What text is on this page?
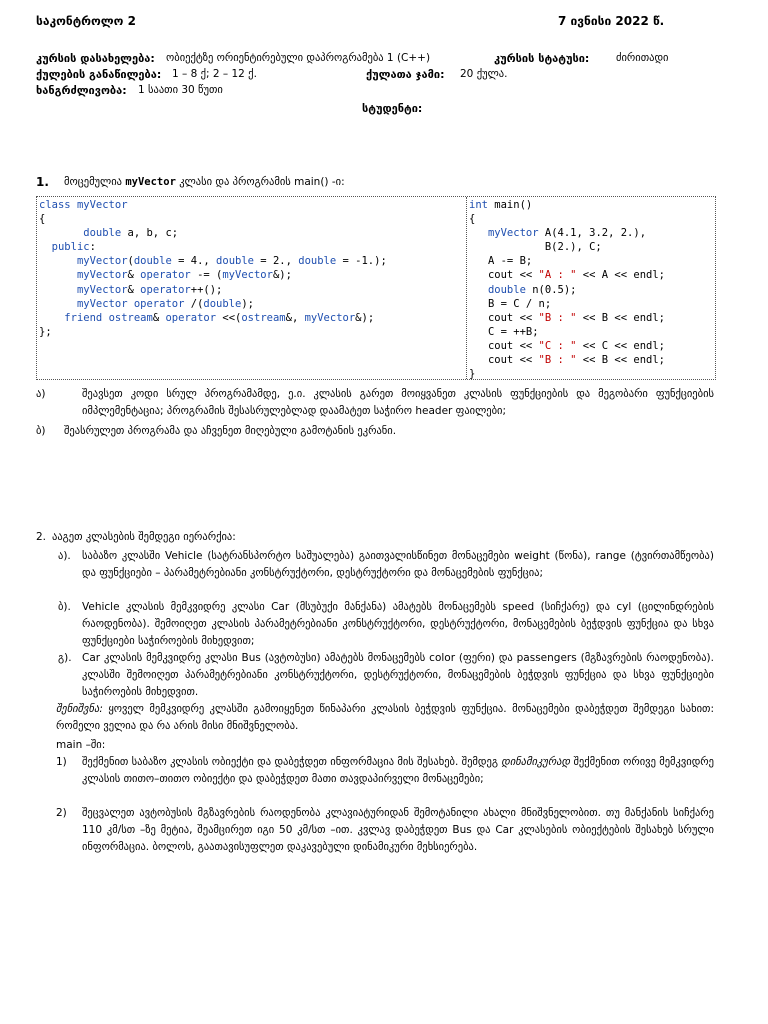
საკონტროლო 2	7 ივნისი 2022 წ.
კურსის დასახელება: ობიექტზე ორიენტირებული დაპროგრამება 1 (C++)	კურსის სტატუსი:	ძირითადი
ქულების განაწილება: 1 – 8 ქ; 2 – 12 ქ.	ქულათა ჯამი: 20 ქულა.
ხანგრძლივობა: 1 საათი 30 წუთი
სტუდენტი:
1. მოცემულია myVector კლასი და პროგრამის main() -ი:
class myVector
{
double a, b, c;
public:
myVector(double = 4., double = 2., double = -1.);
myVector& operator -= (myVector&);
myVector& operator++();
myVector operator /(double);
friend ostream& operator <<(ostream&, myVector&);
};
int main()
{
myVector A(4.1, 3.2, 2.),
B(2.), C;
A -= B;
cout << "A : " << A << endl;
double n(0.5);
B = C / n;
cout << "B : " << B << endl;
C = ++B;
cout << "C : " << C << endl;
cout << "B : " << B << endl;
}
ა)	შეავსეთ კოდი სრულ პროგრამამდე, ე.ი. კლასის გარეთ მოიყვანეთ კლასის ფუნქციების და მეგობარი ფუნქციების იმპლემენტაცია; პროგრამის შესასრულებლად დაამატეთ საჭირო header ფაილები;
ბ) შეასრულეთ პროგრამა და აჩვენეთ მიღებული გამოტანის ეკრანი.
2. ააგეთ კლასების შემდეგი იერარქია:
ა). საბაზო კლასში Vehicle (სატრანსპორტო საშუალება) გაითვალისწინეთ მონაცემები weight (წონა), range (ტვირთამწეობა) და ფუნქციები – პარამეტრებიანი კონსტრუქტორი, დესტრუქტორი და მონაცემების ფუნქცია;
ბ). Vehicle კლასის მემკვიდრე კლასი Car (მსუბუქი მანქანა) ამატებს მონაცემებს speed (სიჩქარე) და cyl (ცილინდრების რაოდენობა). შემოიღეთ კლასის პარამეტრებიანი კონსტრუქტორი, დესტრუქტორი, მონაცემების ბეჭდვის ფუნქცია და სხვა ფუნქციები საჭიროების მიხედვით;
გ). Car კლასის მემკვიდრე კლასი Bus (ავტობუსი) ამატებს მონაცემებს color (ფერი) და passengers (მგზავრების რაოდენობა). კლასში შემოიღეთ პარამეტრებიანი კონსტრუქტორი, დესტრუქტორი, მონაცემების ბეჭდვის ფუნქცია და სხვა ფუნქციები საჭიროების მიხედვით.
შენიშვნა: ყოველ მემკვიდრე კლასში გამოიყენეთ წინაპარი კლასის ბეჭდვის ფუნქცია. მონაცემები დაბეჭდეთ შემდეგი სახით: რომელი ველია და რა არის მისი მნიშვნელობა.
main –ში:
1) შექმენით საბაზო კლასის ობიექტი და დაბეჭდეთ ინფორმაცია მის შესახებ. შემდეგ დინამიკურად შექმენით ორივე მემკვიდრე კლასის თითო–თითო ობიექტი და დაბეჭდეთ მათი თავდაპირველი მონაცემები;
2) შეცვალეთ ავტობუსის მგზავრების რაოდენობა კლავიატურიდან შემოტანილი ახალი მნიშვნელობით. თუ მანქანის სიჩქარე 110 კმ/სთ –ზე მეტია, შეამცირეთ იგი 50 კმ/სთ –ით. კვლავ დაბეჭდეთ Bus და Car კლასების ობიექტების შესახებ სრული ინფორმაცია. ბოლოს, გაათავისუფლეთ დაკავებული დინამიკური მეხსიერება.
